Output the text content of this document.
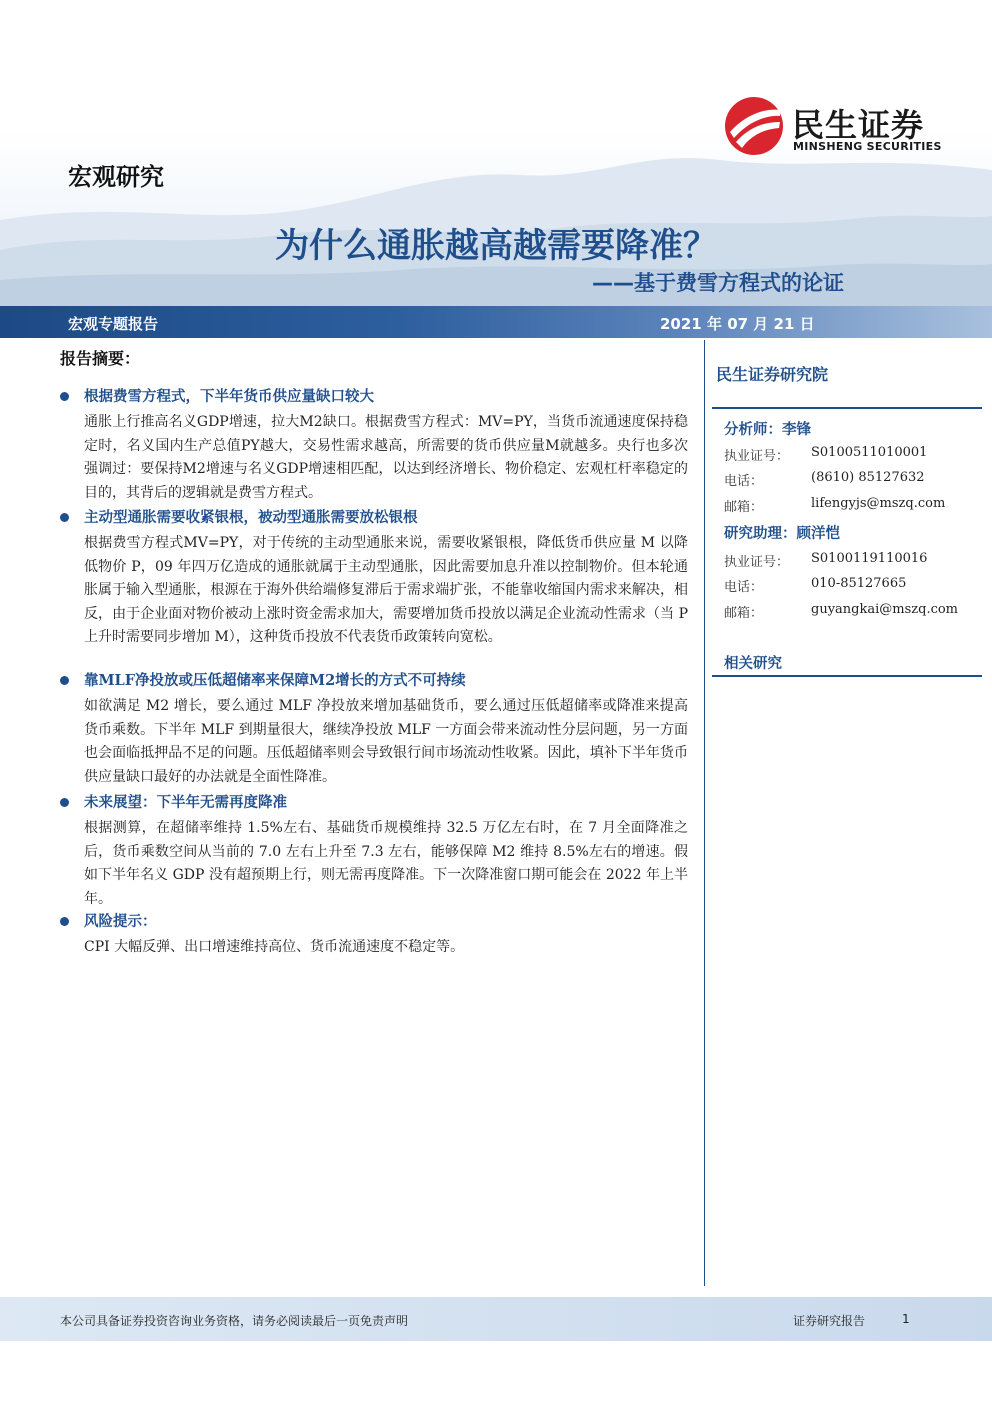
民生证券
MINSHENG SECURITIES
宏观研究
为什么通胀越高越需要降准？
——基于费雪方程式的论证
宏观专题报告	2021 年 07 月 21 日
报告摘要：
根据费雪方程式，下半年货币供应量缺口较大

通胀上行推高名义GDP增速，拉大M2缺口。根据费雪方程式：MV=PY，当货币流通速度保持稳定时，名义国内生产总值PY越大，交易性需求越高，所需要的货币供应量M就越多。央行也多次强调过：要保持M2增速与名义GDP增速相匹配，以达到经济增长、物价稳定、宏观杠杆率稳定的目的，其背后的逻辑就是费雪方程式。

主动型通胀需要收紧银根，被动型通胀需要放松银根

根据费雪方程式MV=PY，对于传统的主动型通胀来说，需要收紧银根，降低货币供应量 M 以降低物价 P，09 年四万亿造成的通胀就属于主动型通胀，因此需要加息升准以控制物价。但本轮通胀属于输入型通胀，根源在于海外供给端修复滞后于需求端扩张，不能靠收缩国内需求来解决，相反，由于企业面对物价被动上涨时资金需求加大，需要增加货币投放以满足企业流动性需求（当 P 上升时需要同步增加 M），这种货币投放不代表货币政策转向宽松。

靠MLF净投放或压低超储率来保障M2增长的方式不可持续

如欲满足 M2 增长，要么通过 MLF 净投放来增加基础货币，要么通过压低超储率或降准来提高货币乘数。下半年 MLF 到期量很大，继续净投放 MLF 一方面会带来流动性分层问题，另一方面也会面临抵押品不足的问题。压低超储率则会导致银行间市场流动性收紧。因此，填补下半年货币供应量缺口最好的办法就是全面性降准。

未来展望：下半年无需再度降准

根据测算，在超储率维持 1.5%左右、基础货币规模维持 32.5 万亿左右时，在 7 月全面降准之后，货币乘数空间从当前的 7.0 左右上升至 7.3 左右，能够保障 M2 维持 8.5%左右的增速。假如下半年名义 GDP 没有超预期上行，则无需再度降准。下一次降准窗口期可能会在 2022 年上半年。

风险提示：

CPI 大幅反弹、出口增速维持高位、货币流通速度不稳定等。

民生证券研究院
分析师：李锋
执业证号： S0100511010001
电话：	(8610) 85127632
邮箱：	lifengyjs@mszq.com
研究助理：顾洋恺
执业证号： S0100119110016
电话：	010-85127665
邮箱：	guyangkai@mszq.com
相关研究
本公司具备证券投资咨询业务资格，请务必阅读最后一页免责声明	证券研究报告	1
